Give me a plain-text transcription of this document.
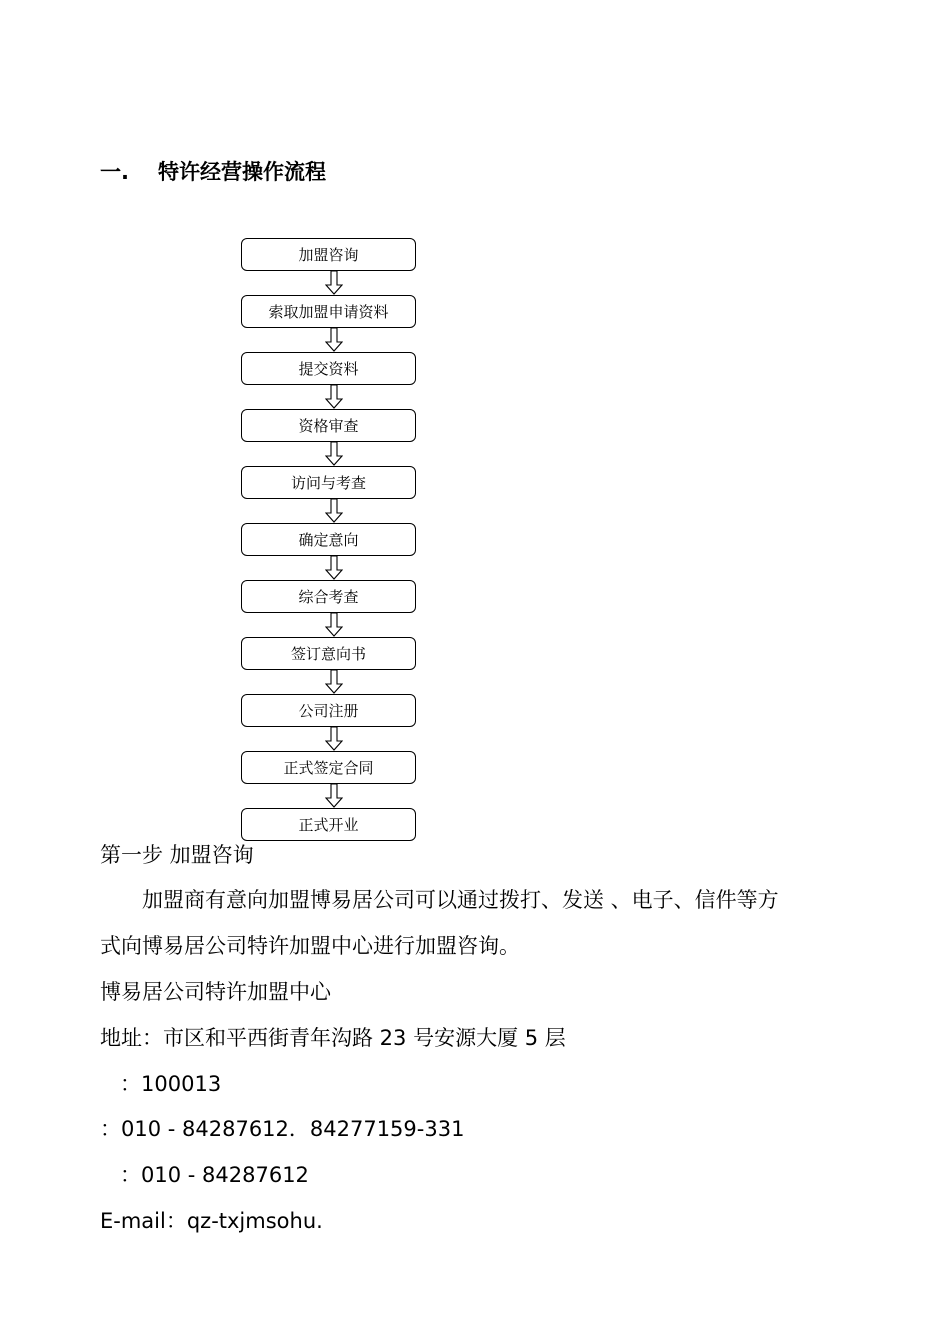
一. 特许经营操作流程
加盟咨询
索取加盟申请资料
提交资料
资格审查
访问与考查
确定意向
综合考查
签订意向书
公司注册
正式签定合同
正式开业
第一步 加盟咨询
加盟商有意向加盟博易居公司可以通过拨打、发送 、电子、信件等方
式向博易居公司特许加盟中心进行加盟咨询。
博易居公司特许加盟中心
地址：市区和平西街青年沟路 23 号安源大厦 5 层
：100013
：010 - 84287612．84277159-331
：010 - 84287612
E-mail：qz-txjmsohu.
